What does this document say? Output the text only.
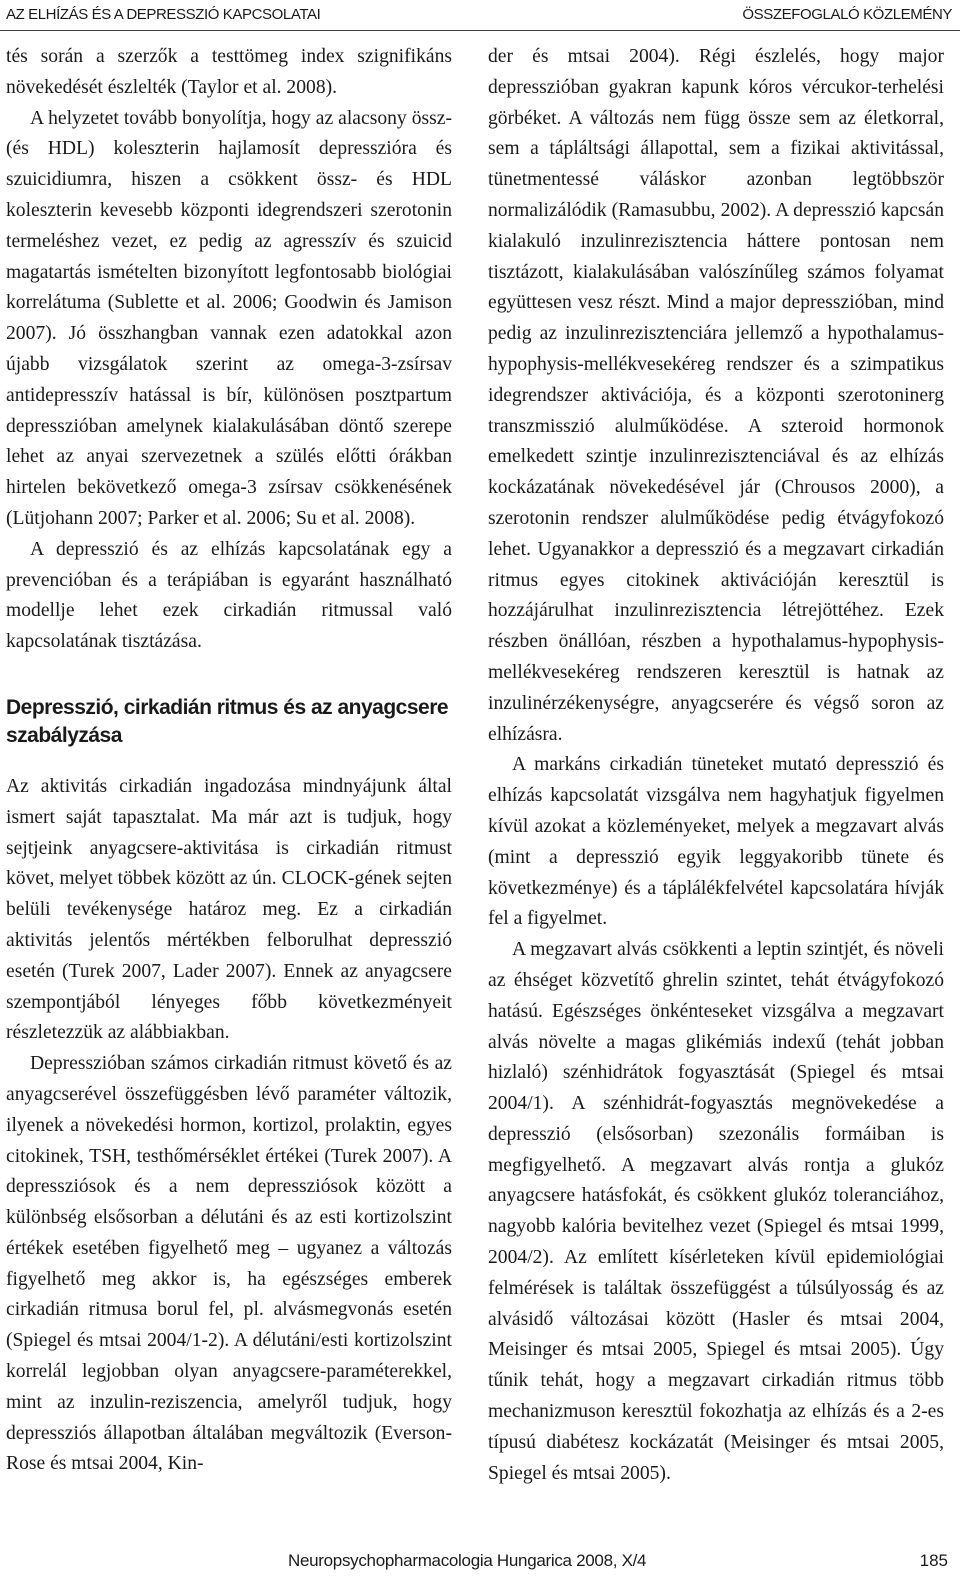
AZ ELHÍZÁS ÉS A DEPRESSZIÓ KAPCSOLATAI	ÖSSZEFOGLALÓ KÖZLEMÉNY

tés során a szerzők a testtömeg index szignifikáns növekedését észlelték (Taylor et al. 2008).

A helyzetet tovább bonyolítja, hogy az alacsony össz- (és HDL) koleszterin hajlamosít depresszióra és szuicidiumra, hiszen a csökkent össz- és HDL koleszterin kevesebb központi idegrendszeri szerotonin termeléshez vezet, ez pedig az agresszív és szuicid magatartás ismételten bizonyított legfontosabb biológiai korrelátuma (Sublette et al. 2006; Goodwin és Jamison 2007). Jó összhangban vannak ezen adatokkal azon újabb vizsgálatok szerint az omega-3-zsírsav antidepresszív hatással is bír, különösen posztpartum depresszióban amelynek kialakulásában döntő szerepe lehet az anyai szervezetnek a szülés előtti órákban hirtelen bekövetkező omega-3 zsírsav csökkenésének (Lütjohann 2007; Parker et al. 2006; Su et al. 2008).

A depresszió és az elhízás kapcsolatának egy a prevencióban és a terápiában is egyaránt használható modellje lehet ezek cirkadián ritmussal való kapcsolatának tisztázása.

Depresszió, cirkadián ritmus és az anyagcsere szabályzása

Az aktivitás cirkadián ingadozása mindnyájunk által ismert saját tapasztalat. Ma már azt is tudjuk, hogy sejtjeink anyagcsere-aktivitása is cirkadián ritmust követ, melyet többek között az ún. CLOCK-gének sejten belüli tevékenysége határoz meg. Ez a cirkadián aktivitás jelentős mértékben felborulhat depresszió esetén (Turek 2007, Lader 2007). Ennek az anyagcsere szempontjából lényeges főbb következményeit részletezzük az alábbiakban.

Depresszióban számos cirkadián ritmust követő és az anyagcserével összefüggésben lévő paraméter változik, ilyenek a növekedési hormon, kortizol, prolaktin, egyes citokinek, TSH, testhőmérséklet értékei (Turek 2007). A depressziósok és a nem depressziósok között a különbség elsősorban a délutáni és az esti kortizolszint értékek esetében figyelhető meg – ugyanez a változás figyelhető meg akkor is, ha egészséges emberek cirkadián ritmusa borul fel, pl. alvásmegvonás esetén (Spiegel és mtsai 2004/1-2). A délutáni/esti kortizolszint korrelál legjobban olyan anyagcsere-paraméterekkel, mint az inzulin-reziszencia, amelyről tudjuk, hogy depressziós állapotban általában megváltozik (Everson-Rose és mtsai 2004, Kin-

der és mtsai 2004). Régi észlelés, hogy major depresszióban gyakran kapunk kóros vércukor-terhelési görbéket. A változás nem függ össze sem az életkorral, sem a tápláltsági állapottal, sem a fizikai aktivitással, tünetmentessé váláskor azonban legtöbbször normalizálódik (Ramasubbu, 2002). A depresszió kapcsán kialakuló inzulinrezisztencia háttere pontosan nem tisztázott, kialakulásában valószínűleg számos folyamat együttesen vesz részt. Mind a major depresszióban, mind pedig az inzulinrezisztenciára jellemző a hypothalamus-hypophysis-mellékvesekéreg rendszer és a szimpatikus idegrendszer aktivációja, és a központi szerotoninerg transzmisszió alulműködése. A szteroid hormonok emelkedett szintje inzulinrezisztenciával és az elhízás kockázatának növekedésével jár (Chrousos 2000), a szerotonin rendszer alulműködése pedig étvágyfokozó lehet. Ugyanakkor a depresszió és a megzavart cirkadián ritmus egyes citokinek aktivációján keresztül is hozzájárulhat inzulinrezisztencia létrejöttéhez. Ezek részben önállóan, részben a hypothalamus-hypophysis-mellékvesekéreg rendszeren keresztül is hatnak az inzulinérzékenységre, anyagcserére és végső soron az elhízásra.

A markáns cirkadián tüneteket mutató depresszió és elhízás kapcsolatát vizsgálva nem hagyhatjuk figyelmen kívül azokat a közleményeket, melyek a megzavart alvás (mint a depresszió egyik leggyakoribb tünete és következménye) és a táplálékfelvétel kapcsolatára hívják fel a figyelmet.

A megzavart alvás csökkenti a leptin szintjét, és növeli az éhséget közvetítő ghrelin szintet, tehát étvágyfokozó hatású. Egészséges önkénteseket vizsgálva a megzavart alvás növelte a magas glikémiás indexű (tehát jobban hizlaló) szénhidrátok fogyasztását (Spiegel és mtsai 2004/1). A szénhidrát-fogyasztás megnövekedése a depresszió (elsősorban) szezonális formáiban is megfigyelhető. A megzavart alvás rontja a glukóz anyagcsere hatásfokát, és csökkent glukóz toleranciához, nagyobb kalória bevitelhez vezet (Spiegel és mtsai 1999, 2004/2). Az említett kísérleteken kívül epidemiológiai felmérések is találtak összefüggést a túlsúlyosság és az alvásidő változásai között (Hasler és mtsai 2004, Meisinger és mtsai 2005, Spiegel és mtsai 2005). Úgy tűnik tehát, hogy a megzavart cirkadián ritmus több mechanizmuson keresztül fokozhatja az elhízás és a 2-es típusú diabétesz kockázatát (Meisinger és mtsai 2005, Spiegel és mtsai 2005).

Neuropsychopharmacologia Hungarica 2008, X/4	185
